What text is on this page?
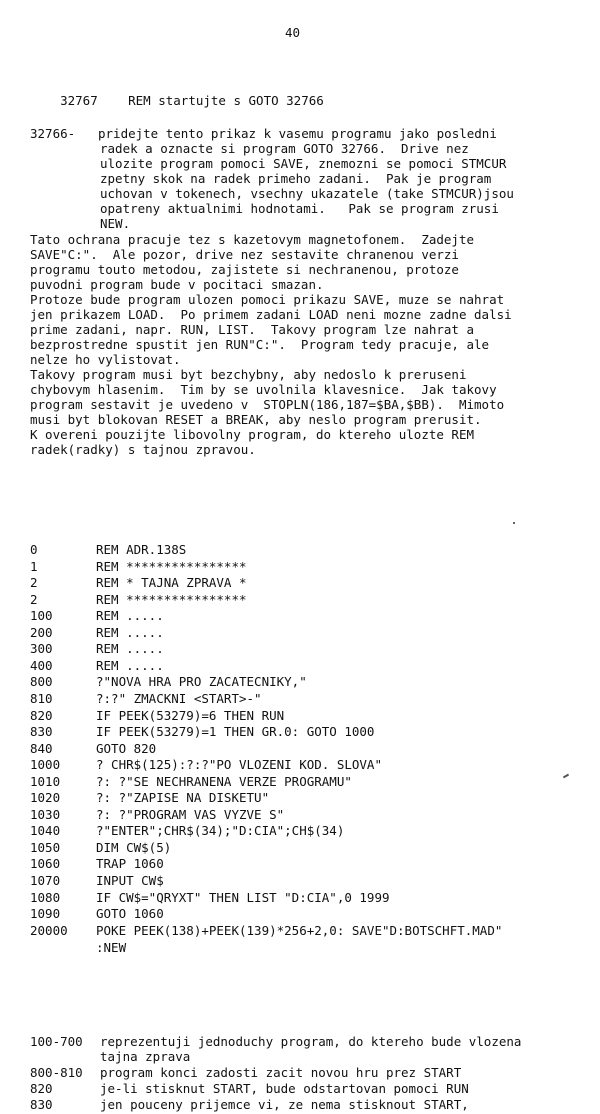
40

32767 REM startujte s GOTO 32766

32766- pridejte tento prikaz k vasemu programu jako posledni
radek a oznacte si program GOTO 32766.  Drive nez
ulozite program pomoci SAVE, znemozni se pomoci STMCUR
zpetny skok na radek primeho zadani.  Pak je program
uchovan v tokenech, vsechny ukazatele (take STMCUR)jsou
opatreny aktualnimi hodnotami.   Pak se program zrusi
NEW.
Tato ochrana pracuje tez s kazetovym magnetofonem.  Zadejte
SAVE"C:".  Ale pozor, drive nez sestavite chranenou verzi
programu touto metodou, zajistete si nechranenou, protoze
puvodni program bude v pocitaci smazan.
Protoze bude program ulozen pomoci prikazu SAVE, muze se nahrat
jen prikazem LOAD.  Po primem zadani LOAD neni mozne zadne dalsi
prime zadani, napr. RUN, LIST.  Takovy program lze nahrat a
bezprostredne spustit jen RUN"C:".  Program tedy pracuje, ale
nelze ho vylistovat.
Takovy program musi byt bezchybny, aby nedoslo k preruseni
chybovym hlasenim.  Tim by se uvolnila klavesnice.  Jak takovy
program sestavit je uvedeno v  STOPLN(186,187=$BA,$BB).  Mimoto
musi byt blokovan RESET a BREAK, aby neslo program prerusit.
K overeni pouzijte libovolny program, do ktereho ulozte REM
radek(radky) s tajnou zpravou.
0	REM ADR.138S
1	REM ****************
2	REM * TAJNA ZPRAVA *
2	REM ****************
100	REM .....
200	REM .....
300	REM .....
400	REM .....
800	?"NOVA HRA PRO ZACATECNIKY,"
810	?:?" ZMACKNI <START>-"
820	IF PEEK(53279)=6 THEN RUN
830	IF PEEK(53279)=1 THEN GR.0: GOTO 1000
840	GOTO 820
1000	? CHR$(125):?:?"PO VLOZENI KOD. SLOVA"
1010	?: ?"SE NECHRANENA VERZE PROGRAMU"
1020	?: ?"ZAPISE NA DISKETU"
1030	?: ?"PROGRAM VAS VYZVE S"
1040	?"ENTER";CHR$(34);"D:CIA";CH$(34)
1050	DIM CW$(5)
1060	TRAP 1060
1070	INPUT CW$
1080	IF CW$="QRYXT" THEN LIST "D:CIA",0 1999
1090	GOTO 1060
20000 POKE PEEK(138)+PEEK(139)*256+2,0: SAVE"D:BOTSCHFT.MAD"
:NEW
100-700 reprezentuji jednoduchy program, do ktereho bude vlozena
tajna zprava
800-810 program konci zadosti zacit novou hru prez START
820	je-li stisknut START, bude odstartovan pomoci RUN
830	jen pouceny prijemce vi, ze nema stisknout START,
